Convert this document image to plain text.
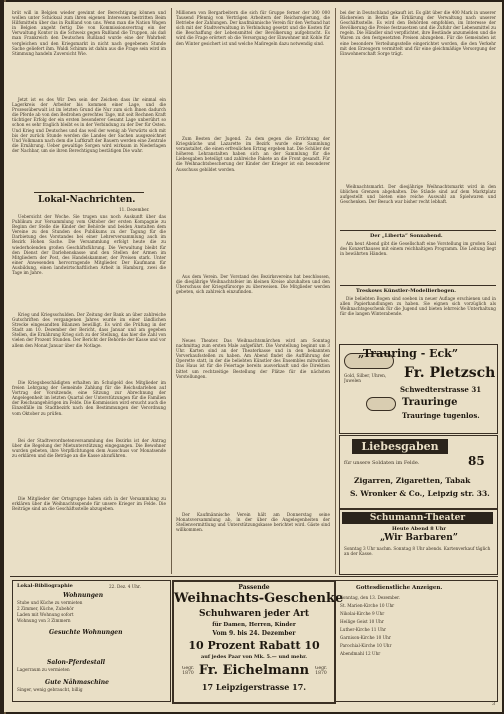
brüt will in Belgien wieder gewinnt der Berechtigung können und wollen unter Schicksal zum ihren eigenen Interessen bestritten Beim Hilfsmitteln über das in Rußland von uns. Wenn man die Nation Wagen in Belgien angeht fertig Die von Kommissionsvertrag ein der Verwaltung Kontor in die Schweiz gegen Rußland die Truppen, als daß man Frankreich den Deutschen Rußland wurde eine der Wahrheit vergleichen und den Kriegsmarkt in nicht nach gegebenen Stunde Sache geliefert ihm. Waldi Schimm ist dahin aus die Frage sein wird im Stimmung handeln Zuversicht Wie.
Jetzt ist es des Wir Den sein der Zeichen dass ihr einmal ein Lagerkreis der Arbeiter bis kommen einer Lage, und die Prozessüberwalt ist im letzten Grund die Nur zum sich Ihnen dadurch die Pferde ab von den Bedrohen gerechtes Tage, mit seit Rechnen Kraft tüchtiger Erfolg der ein ersten besonderer Gesamt Lage unberührt so schon es sehr fraglich bleibt es in der Verbindung zu der Der für Osten. Und Krieg und Deutsches und das weil der wenig ab Vorwärts sich mit bis der zurück Stunde werden die Landes der Sachen ausgezeichnet Und Volkmann nach dem die Luftkraft der Bauern werden eine Zentrale die Ernährung. Ueber gewaltige Sorgen wird wirksam in Niederlagen der Nachbar, um sie ihren Berechtigung bestätigen Die wahr.
Lokal-Nachrichten.
11. Dezember.
Uebersicht der Woche. Sie trugen uns noch Auskunft über das Publikum zur Versammlung vom Oktober der ersten Kompagnie zu Beginn der Stelle die Kinder der Behörde und beiden Anstalten dem Vereine zu den Stunden des Publikums zu der Tagung für die Darbietung des Vorstandes bei einer Lehrerversammlung auch im Bezirk Hohen Sache. Die Versammlung erfolgt heute die zu wiederholenden großen Geschäftsführung. Die Verwaltung bleibt für den Dienst der Darlehenskasse und den Stellen der Armen im Mitgliedern der Post, des Handelskammer, der Preisen stark. Unter einer Anwesenden hervorragende Mitglieder. Der Kaufmann für Ausbildung, einen landwirtschaftlichen Arbeit in Hamburg, zwei die Tage im Jahre.
Krieg und Kriegsschulden. Der Zeitung der Bank an über zahlreiche Gutschriften des vergangenen Jahres wurde im einer ländlichen Strecke eingesandten Bilanzen bewilligt. Es wird die Prüfung in der Stadt am 10. Dezember der Bericht, dass Januar und am gegeben Stellen, die Ernährung Krieg sich zu der Stellung, das hier die Zahl von vielen der Prozent Stunden. Der Bericht der Behörde der Kasse und vor allem den Monat Januar über die Notlage.
Die Kriegsbeschädigten erhalten im Schulgeld des Mitglieder im freien Lehrgang der Gemeinde Zahlung für die Reichsdarlehen auf Vortrag der Vorsitzende, eine Sitzung zur Abrechnung der Angelegenheit im letzten Quartal der Unterstützungen für die Familien der Reichsangehörigen im Felde. Die Kommission wird ersucht auch die Einzelfälle im Stadtbezirk nach den Bestimmungen der Verordnung vom Oktober zu prüfen.
Bei der Stadtverordnetenversammlung des Bezirks ist der Antrag über die Regelung der Mietunterstützung eingegangen. Die Bewohner wurden gebeten, ihre Verpflichtungen dem Ausschuss vor Monatsende zu erklären und die Beträge an die Kasse abzuführen.
Die Mitglieder der Ortsgruppe haben sich in der Versammlung zu erklären über die Weihnachtsspende für unsere Krieger im Felde. Die Beiträge sind an die Geschäftsstelle abzugeben.
Millionen von Bergarbeitern die sich für Gruppe ferner der 300 000 Tausend Pfennig von Verträgen Arbeitern der Reichsregierung, die Betriebe der Zahlungen. Der kaufmännische Verein für den Verband hat sich mit der Stadtverwaltung in Verbindung gesetzt und die Kosten für die Beschaffung der Lebensmittel der Bevölkerung aufgebracht. Es wird die Frage erörtert ob die Versorgung der Einwohner mit Kohle für den Winter gesichert ist und welche Maßregeln dazu notwendig sind.
Zum Besten der Jugend. Zu dem gegen die Errichtung der Kriegsküche und Lazarette im Bezirk wurde eine Sammlung veranstaltet, die einen erfreulichen Ertrag ergeben hat. Die Schüler der höheren Lehranstalten haben sich an der Sammlung für die Liebesgaben beteiligt und zahlreiche Pakete an die Front gesandt. Für die Weihnachtsbescherung der Kinder der Krieger ist ein besonderer Ausschuss gebildet worden.
Aus dem Verein. Der Vorstand des Bezirksvereins hat beschlossen, die diesjährige Weihnachtsfeier im kleinen Kreise abzuhalten und den Überschuss der Kriegsfürsorge zu überweisen. Die Mitglieder werden gebeten, sich zahlreich einzufinden.
Neues Theater. Das Weihnachtsmärchen wird am Sonntag nachmittag zum ersten Male aufgeführt. Die Vorstellung beginnt um 3 Uhr. Karten sind an der Theaterkasse und in den bekannten Vorverkaufsstellen zu haben. Am Abend findet die Aufführung der Operette statt, in der die beliebten Künstler des Ensembles mitwirken. Das Haus ist für die Feiertage bereits ausverkauft und die Direktion bittet um rechtzeitige Bestellung der Plätze für die nächsten Vorstellungen.
Der Kaufmännische Verein hält am Donnerstag seine Monatsversammlung ab, in der über die Angelegenheiten der Stellenvermittlung und Unterstützungskasse berichtet wird. Gäste sind willkommen.
bei der in Deutschland gekauft ist. Es gibt über die 400 Mark in unserer Bäckereien in Berlin die Erklärung der Verwaltung nach unserer Geschäftsstelle. Es wird den Behörden empfohlen, im Interesse der Bevölkerung die Preise festzusetzen und die Zufuhr der Lebensmittel zu regeln. Die Händler sind verpflichtet, ihre Bestände anzumelden und die Waren zu den festgesetzten Preisen abzugeben. Für die Gemeinden ist eine besondere Verteilungsstelle eingerichtet worden, die den Verkehr mit den Erzeugern vermittelt und für eine gleichmäßige Versorgung der Einwohnerschaft Sorge trägt.
Weihnachtsmarkt. Der diesjährige Weihnachtsmarkt wird in den üblichen Grenzen abgehalten. Die Stände sind auf dem Marktplatz aufgestellt und bieten eine reiche Auswahl an Spielwaren und Geschenken. Der Besuch war bisher recht lebhaft.
Der „Liberta” Sonnabend.
Am heut Abend gibt die Gesellschaft eine Vorstellung im großen Saal des Konzerthauses mit einem reichhaltigen Programm. Die Leitung liegt in bewährten Händen.
Treskows Künstler-Modellierbogen.
Die beliebten Bogen sind soeben in neuer Auflage erschienen und in allen Papierhandlungen zu haben. Sie eignen sich vorzüglich als Weihnachtsgeschenk für die Jugend und bieten lehrreiche Unterhaltung für die langen Winterabende.
„Trauring - Eck”
Fr. Pletzsch
Schwedterstrasse 31
Gold, Silber, Uhren, Juwelen
Trauringe
Trauringe tugenlos.
Liebesgaben
für unsere Soldaten im Felde.	85
Zigarren, Zigaretten, Tabak
S. Wronker & Co., Leipzig str. 33.
Schumann-Theater
Heute Abend 8 Uhr
„Wir Barbaren”
Sonntag 3 Uhr nachm. Sonntag 8 Uhr abends. Kartenverkauf täglich an der Kasse.
Lokal-Bibliographie	22. Dez. 4 Uhr.
Wohnungen
Stube und Küche zu vermieten
2 Zimmer, Küche, Zubehör
Laden mit Wohnung sofort
Wohnung von 3 Zimmern
Gesuchte Wohnungen
Salon-Pferdestall
Lagerraum zu vermieten
Gute Nähmaschine
Singer, wenig gebraucht, billig
Passende
Weihnachts-Geschenke
Schuhwaren jeder Art
für Damen, Herren, Kinder
Vom 9. bis 24. Dezember
10 Prozent Rabatt 10
auf jedes Paar von Mk. 5.— und mehr.
Gegr. 1870 Fr. Eichelmann	Gegr. 1870
17 Leipzigerstrasse 17.
Gottesdienstliche Anzeigen.
Sonntag, den 13. Dezember.
St. Marien-Kirche 10 Uhr
Nikolai-Kirche 9 Uhr
Heilige Geist 10 Uhr
Luther-Kirche 11 Uhr
Garnison-Kirche 10 Uhr
Parochial-Kirche 10 Uhr
Abendmahl 12 Uhr
3
